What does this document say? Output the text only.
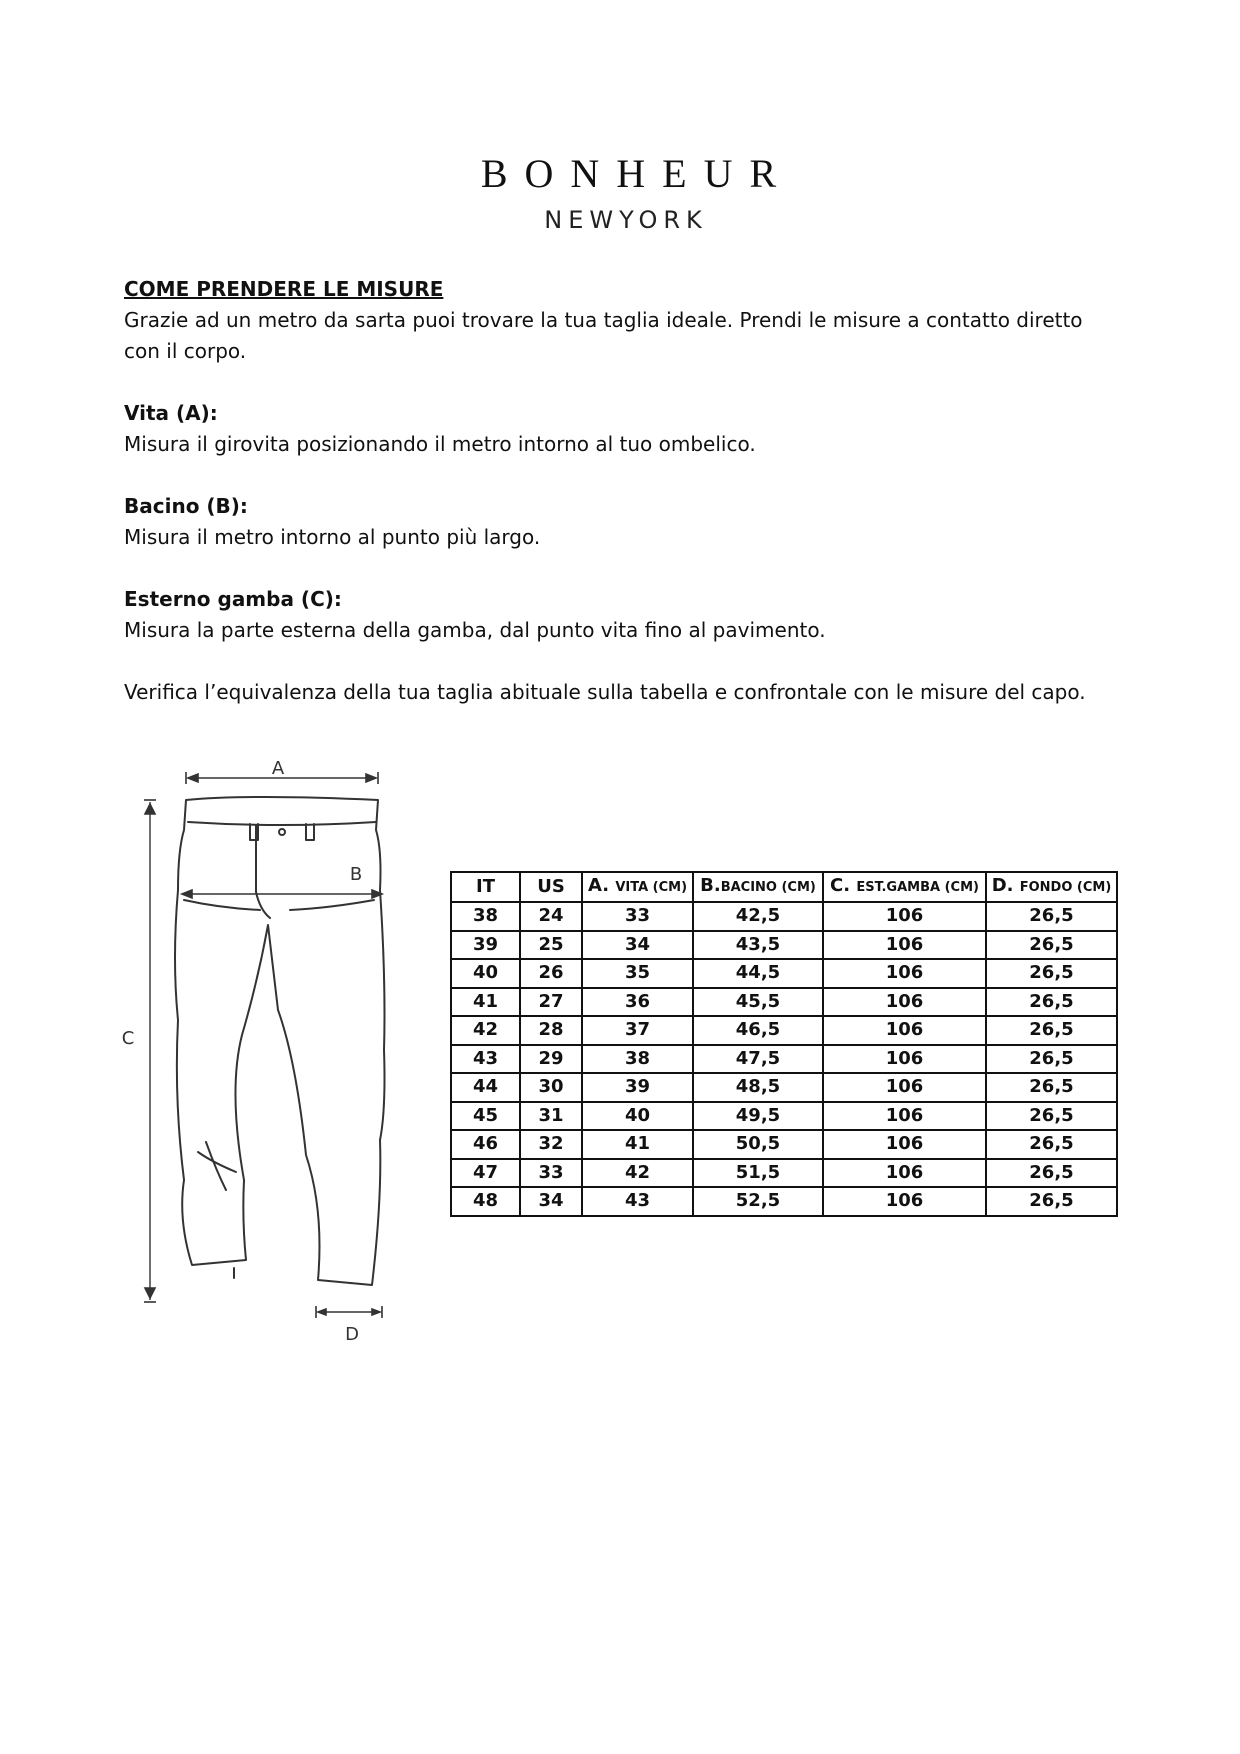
BONHEUR
NEWYORK

COME PRENDERE LE MISURE

Grazie ad un metro da sarta puoi trovare la tua taglia ideale. Prendi le misure a contatto diretto

con il corpo.

Vita (A):

Misura il girovita posizionando il metro intorno al tuo ombelico.

Bacino (B):

Misura il metro intorno al punto più largo.

Esterno gamba (C):

Misura la parte esterna della gamba, dal punto vita fino al pavimento.

Verifica l’equivalenza della tua taglia abituale sulla tabella e confrontale con le misure del capo.

A
B
C
D
IT	US	A. VITA (CM)	B.BACINO (CM)	C. EST.GAMBA (CM)	D. FONDO (CM)
38	24	33	42,5	106	26,5
39	25	34	43,5	106	26,5
40	26	35	44,5	106	26,5
41	27	36	45,5	106	26,5
42	28	37	46,5	106	26,5
43	29	38	47,5	106	26,5
44	30	39	48,5	106	26,5
45	31	40	49,5	106	26,5
46	32	41	50,5	106	26,5
47	33	42	51,5	106	26,5
48	34	43	52,5	106	26,5
